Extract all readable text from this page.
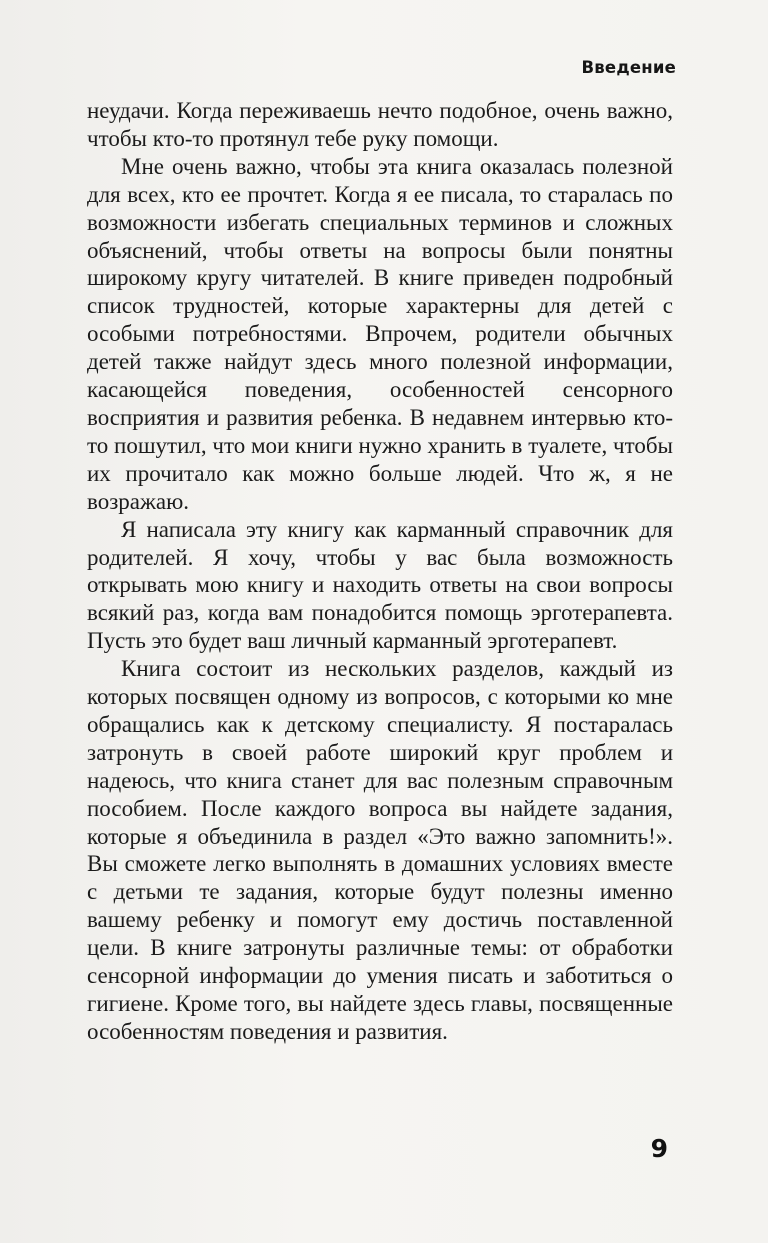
Введение

неудачи. Когда переживаешь нечто подобное, очень важно, чтобы кто-то протянул тебе руку помощи.

Мне очень важно, чтобы эта книга оказалась полезной для всех, кто ее прочтет. Когда я ее писала, то старалась по возможности избегать специальных терминов и сложных объяснений, чтобы ответы на вопросы были понятны широкому кругу читателей. В книге приведен подробный список трудностей, которые характерны для детей с особыми потребностями. Впрочем, родители обычных детей также найдут здесь много полезной информации, касающейся поведения, особенностей сенсорного восприятия и развития ребенка. В недавнем интервью кто-то пошутил, что мои книги нужно хранить в туалете, чтобы их прочитало как можно больше людей. Что ж, я не возражаю.

Я написала эту книгу как карманный справочник для родителей. Я хочу, чтобы у вас была возможность открывать мою книгу и находить ответы на свои вопросы всякий раз, когда вам понадобится помощь эрготерапевта. Пусть это будет ваш личный карманный эрготерапевт.

Книга состоит из нескольких разделов, каждый из которых посвящен одному из вопросов, с которыми ко мне обращались как к детскому специалисту. Я постаралась затронуть в своей работе широкий круг проблем и надеюсь, что книга станет для вас полезным справочным пособием. После каждого вопроса вы найдете задания, которые я объединила в раздел «Это важно запомнить!». Вы сможете легко выполнять в домашних условиях вместе с детьми те задания, которые будут полезны именно вашему ребенку и помогут ему достичь поставленной цели. В книге затронуты различные темы: от обработки сенсорной информации до умения писать и заботиться о гигиене. Кроме того, вы найдете здесь главы, посвященные особенностям поведения и развития.

9
